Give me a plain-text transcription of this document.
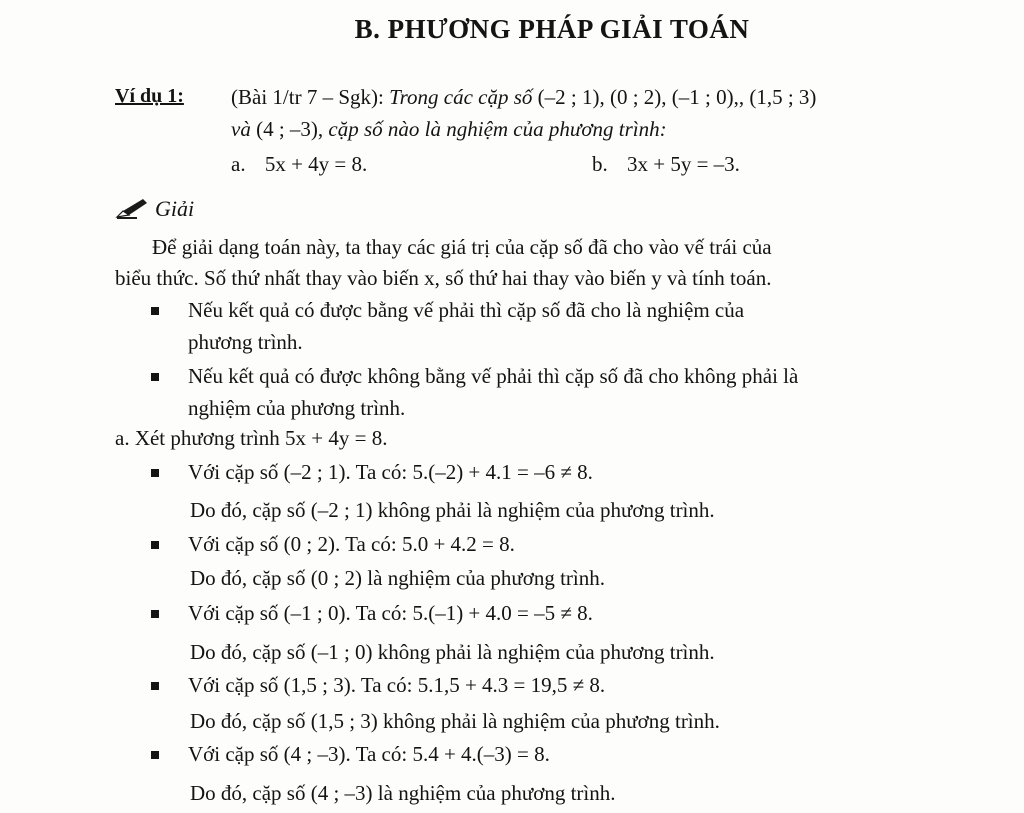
B. PHƯƠNG PHÁP GIẢI TOÁN
Ví dụ 1: (Bài 1/tr 7 – Sgk): Trong các cặp số (–2 ; 1), (0 ; 2), (–1 ; 0),, (1,5 ; 3)
và (4 ; –3), cặp số nào là nghiệm của phương trình:
a. 5x + 4y = 8.	b. 3x + 5y = –3.
Giải
Để giải dạng toán này, ta thay các giá trị của cặp số đã cho vào vế trái của
biểu thức. Số thứ nhất thay vào biến x, số thứ hai thay vào biến y và tính toán.
Nếu kết quả có được bằng vế phải thì cặp số đã cho là nghiệm của
phương trình.
Nếu kết quả có được không bằng vế phải thì cặp số đã cho không phải là
nghiệm của phương trình.
a. Xét phương trình 5x + 4y = 8.
Với cặp số (–2 ; 1). Ta có: 5.(–2) + 4.1 = –6 ≠ 8.
Do đó, cặp số (–2 ; 1) không phải là nghiệm của phương trình.
Với cặp số (0 ; 2). Ta có: 5.0 + 4.2 = 8.
Do đó, cặp số (0 ; 2) là nghiệm của phương trình.
Với cặp số (–1 ; 0). Ta có: 5.(–1) + 4.0 = –5 ≠ 8.
Do đó, cặp số (–1 ; 0) không phải là nghiệm của phương trình.
Với cặp số (1,5 ; 3). Ta có: 5.1,5 + 4.3 = 19,5 ≠ 8.
Do đó, cặp số (1,5 ; 3) không phải là nghiệm của phương trình.
Với cặp số (4 ; –3). Ta có: 5.4 + 4.(–3) = 8.
Do đó, cặp số (4 ; –3) là nghiệm của phương trình.
